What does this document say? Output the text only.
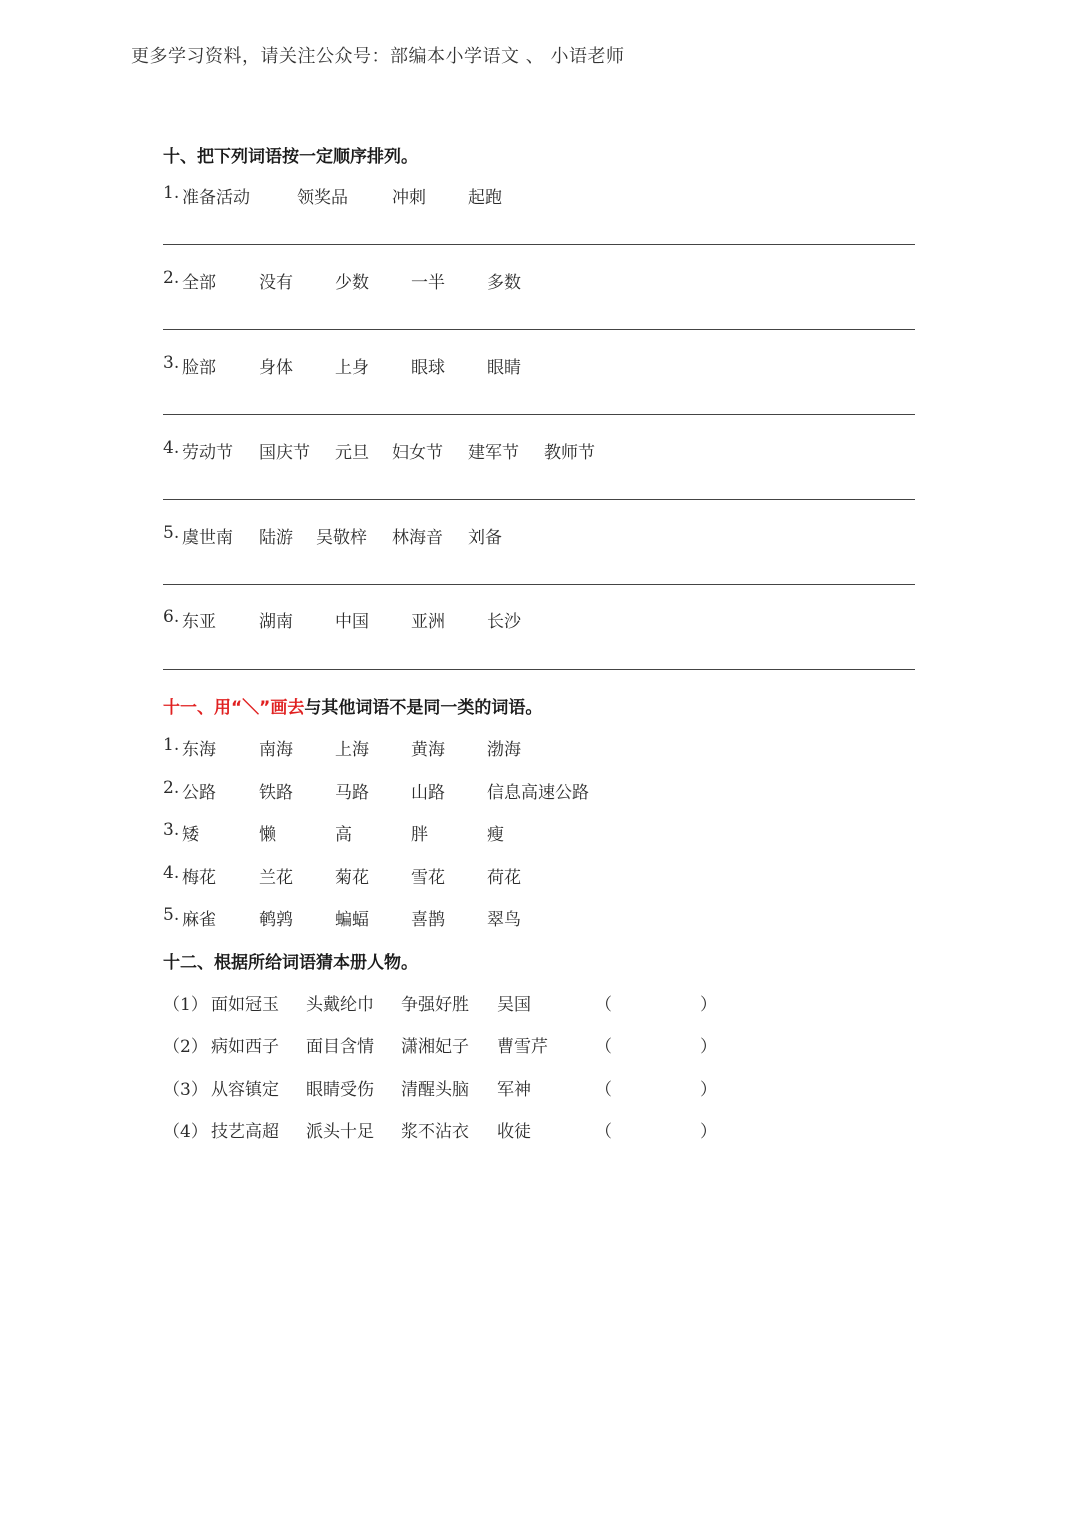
更多学习资料，请关注公众号：部编本小学语文 、 小语老师
十、把下列词语按一定顺序排列。
1. 准备活动	领奖品	冲刺 起跑
2. 全部	没有 少数 一半 多数
3. 脸部	身体 上身 眼球 眼睛
4. 劳动节 国庆节 元旦 妇女节 建军节 教师节
5. 虞世南 陆游 吴敬梓 林海音 刘备
6. 东亚	湖南 中国 亚洲 长沙
十一、用“＼”画去与其他词语不是同一类的词语。
1. 东海	南海 上海 黄海 渤海
2. 公路	铁路 马路 山路 信息高速公路
3. 矮	懒	高	胖	瘦
4. 梅花	兰花 菊花 雪花 荷花
5. 麻雀	鹌鹑 蝙蝠 喜鹊 翠鸟
十二、根据所给词语猜本册人物。
（1） 面如冠玉 头戴纶巾 争强好胜 吴国	（	）
（2） 病如西子 面目含情 潇湘妃子 曹雪芹	（	）
（3） 从容镇定 眼睛受伤 清醒头脑 军神	（	）
（4） 技艺高超 派头十足 浆不沾衣 收徒	（	）
